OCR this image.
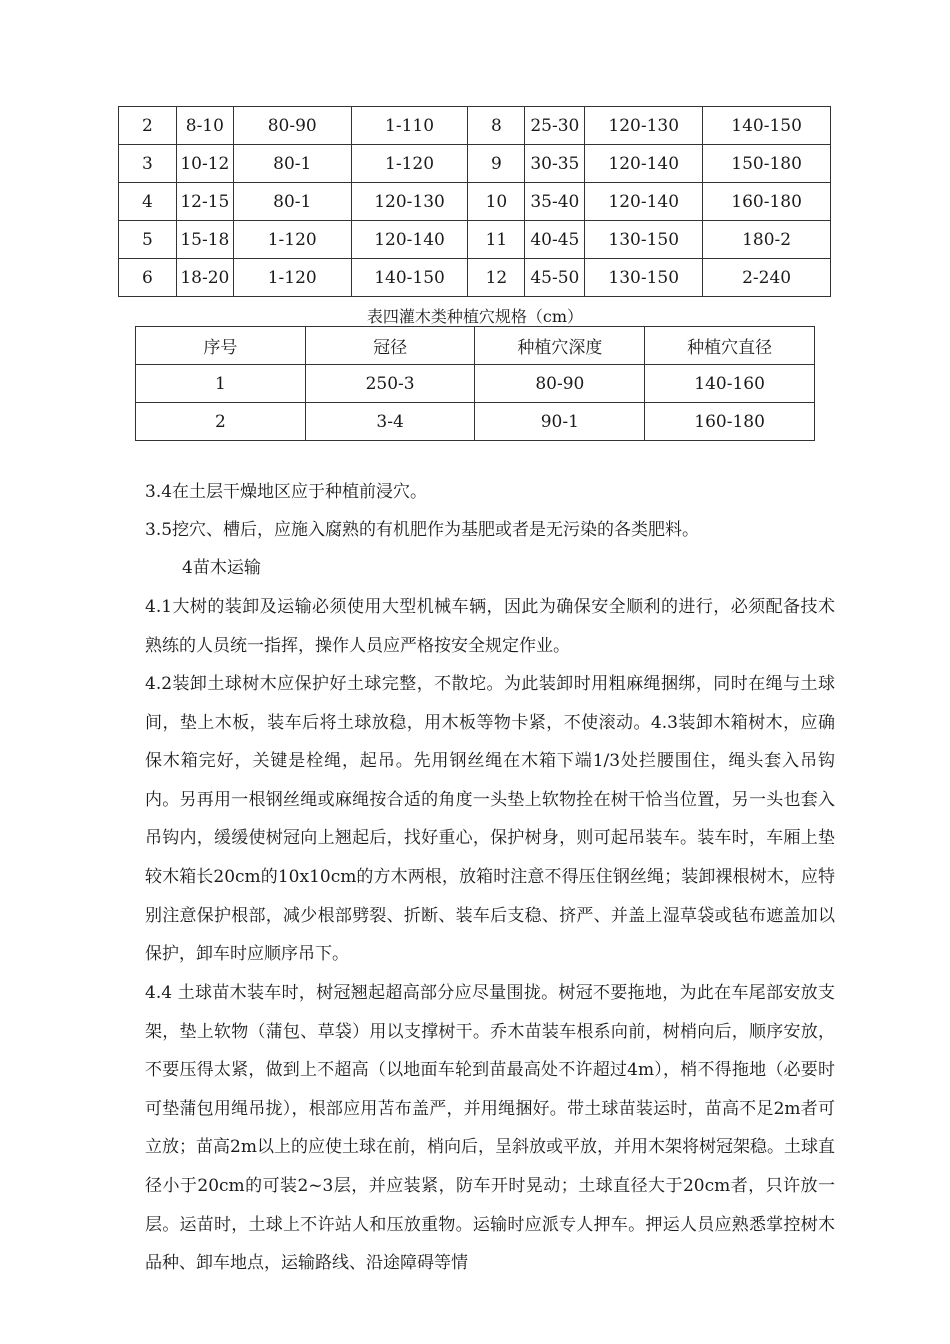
2	8-10	80-90	1-110	8	25-30	120-130	140-150
3	10-12	80-1	1-120	9	30-35	120-140	150-180
4	12-15	80-1	120-130	10	35-40	120-140	160-180
5	15-18	1-120	120-140	11	40-45	130-150	180-2
6	18-20	1-120	140-150	12	45-50	130-150	2-240
表四灌木类种植穴规格（cm）
序号	冠径	种植穴深度	种植穴直径
1	250-3	80-90	140-160
2	3-4	90-1	160-180

3.4在土层干燥地区应于种植前浸穴。

3.5挖穴、槽后，应施入腐熟的有机肥作为基肥或者是无污染的各类肥料。

4苗木运输

4.1大树的装卸及运输必须使用大型机械车辆，因此为确保安全顺利的进行，必须配备技术熟练的人员统一指挥，操作人员应严格按安全规定作业。

4.2装卸土球树木应保护好土球完整，不散坨。为此装卸时用粗麻绳捆绑，同时在绳与土球间，垫上木板，装车后将土球放稳，用木板等物卡紧，不使滚动。4.3装卸木箱树木，应确保木箱完好，关键是栓绳，起吊。先用钢丝绳在木箱下端1/3处拦腰围住，绳头套入吊钩内。另再用一根钢丝绳或麻绳按合适的角度一头垫上软物拴在树干恰当位置，另一头也套入吊钩内，缓缓使树冠向上翘起后，找好重心，保护树身，则可起吊装车。装车时，车厢上垫较木箱长20cm的10x10cm的方木两根，放箱时注意不得压住钢丝绳；装卸裸根树木，应特别注意保护根部，减少根部劈裂、折断、装车后支稳、挤严、并盖上湿草袋或毡布遮盖加以保护，卸车时应顺序吊下。

4.4 土球苗木装车时，树冠翘起超高部分应尽量围拢。树冠不要拖地，为此在车尾部安放支架，垫上软物（蒲包、草袋）用以支撑树干。乔木苗装车根系向前，树梢向后，顺序安放，不要压得太紧，做到上不超高（以地面车轮到苗最高处不许超过4m），梢不得拖地（必要时可垫蒲包用绳吊拢），根部应用苫布盖严，并用绳捆好。带土球苗装运时，苗高不足2m者可立放；苗高2m以上的应使土球在前，梢向后，呈斜放或平放，并用木架将树冠架稳。土球直径小于20cm的可装2~3层，并应装紧，防车开时晃动；土球直径大于20cm者，只许放一层。运苗时，土球上不许站人和压放重物。运输时应派专人押车。押运人员应熟悉掌控树木品种、卸车地点，运输路线、沿途障碍等情
